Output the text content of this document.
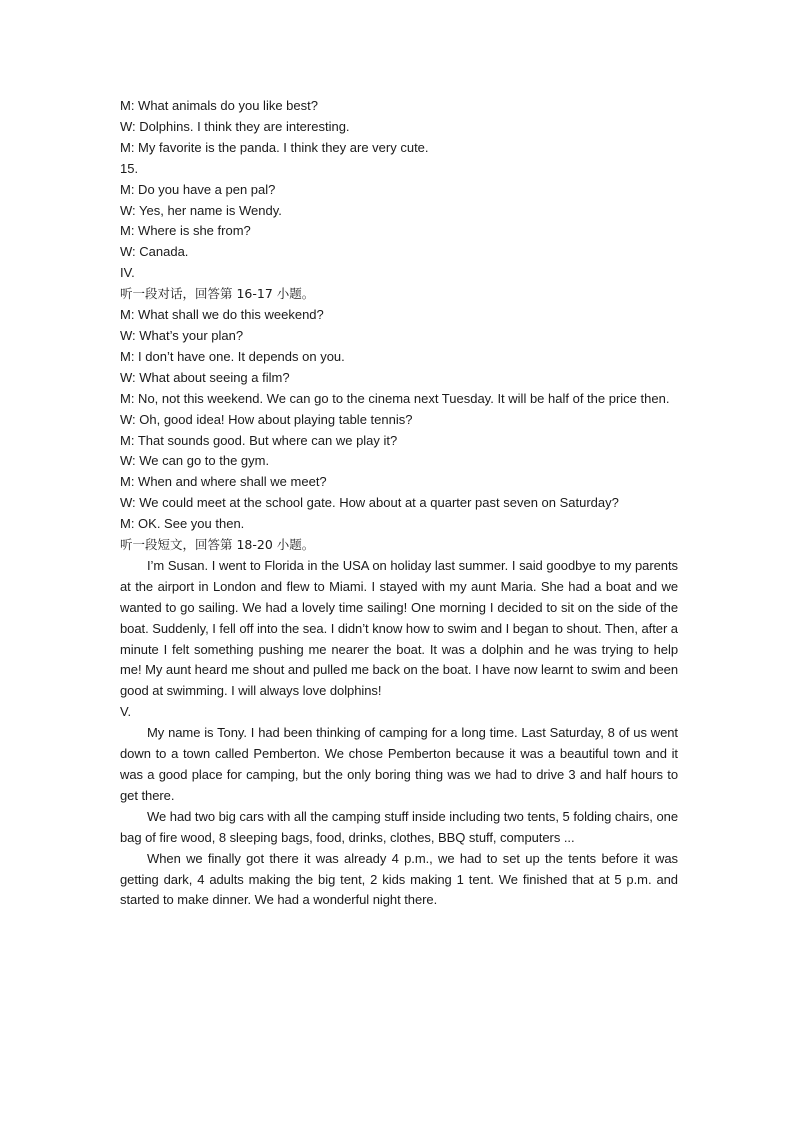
M: What animals do you like best?
W: Dolphins. I think they are interesting.
M: My favorite is the panda. I think they are very cute.
15.
M: Do you have a pen pal?
W: Yes, her name is Wendy.
M: Where is she from?
W: Canada.
IV.
听一段对话，回答第 16-17 小题。
M: What shall we do this weekend?
W: What’s your plan?
M: I don’t have one. It depends on you.
W: What about seeing a film?
M: No, not this weekend. We can go to the cinema next Tuesday. It will be half of the price then.
W: Oh, good idea! How about playing table tennis?
M: That sounds good. But where can we play it?
W: We can go to the gym.
M: When and where shall we meet?
W: We could meet at the school gate. How about at a quarter past seven on Saturday?
M: OK. See you then.
听一段短文，回答第 18-20 小题。

I’m Susan. I went to Florida in the USA on holiday last summer. I said goodbye to my parents at the airport in London and flew to Miami. I stayed with my aunt Maria. She had a boat and we wanted to go sailing. We had a lovely time sailing! One morning I decided to sit on the side of the boat. Suddenly, I fell off into the sea. I didn’t know how to swim and I began to shout. Then, after a minute I felt something pushing me nearer the boat. It was a dolphin and he was trying to help me! My aunt heard me shout and pulled me back on the boat. I have now learnt to swim and been good at swimming. I will always love dolphins!

V.

My name is Tony. I had been thinking of camping for a long time. Last Saturday, 8 of us went down to a town called Pemberton. We chose Pemberton because it was a beautiful town and it was a good place for camping, but the only boring thing was we had to drive 3 and half hours to get there.

We had two big cars with all the camping stuff inside including two tents, 5 folding chairs, one bag of fire wood, 8 sleeping bags, food, drinks, clothes, BBQ stuff, computers ...

When we finally got there it was already 4 p.m., we had to set up the tents before it was getting dark, 4 adults making the big tent, 2 kids making 1 tent. We finished that at 5 p.m. and started to make dinner. We had a wonderful night there.
